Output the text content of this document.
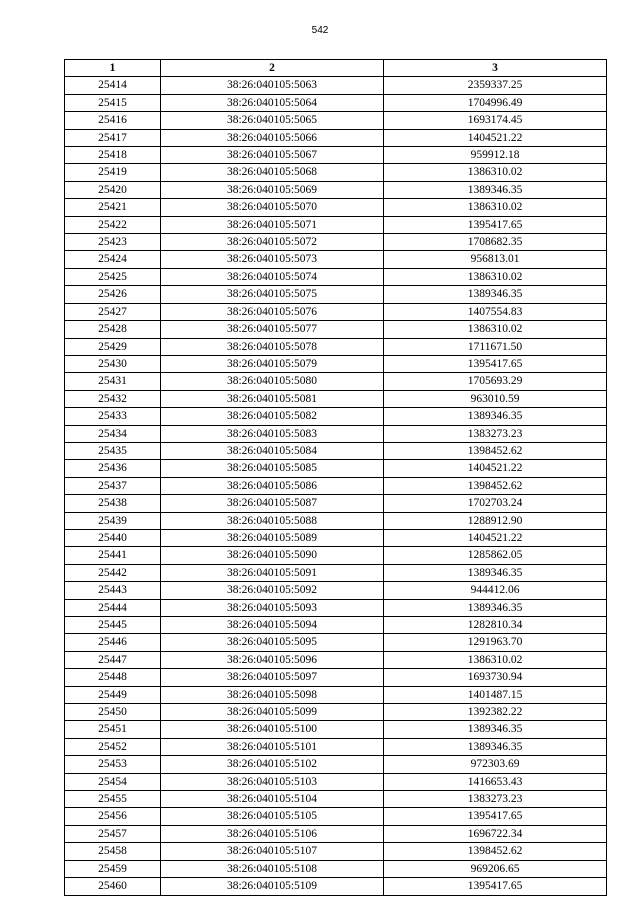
542
1	2	3
25414	38:26:040105:5063	2359337.25
25415	38:26:040105:5064	1704996.49
25416	38:26:040105:5065	1693174.45
25417	38:26:040105:5066	1404521.22
25418	38:26:040105:5067	959912.18
25419	38:26:040105:5068	1386310.02
25420	38:26:040105:5069	1389346.35
25421	38:26:040105:5070	1386310.02
25422	38:26:040105:5071	1395417.65
25423	38:26:040105:5072	1708682.35
25424	38:26:040105:5073	956813.01
25425	38:26:040105:5074	1386310.02
25426	38:26:040105:5075	1389346.35
25427	38:26:040105:5076	1407554.83
25428	38:26:040105:5077	1386310.02
25429	38:26:040105:5078	1711671.50
25430	38:26:040105:5079	1395417.65
25431	38:26:040105:5080	1705693.29
25432	38:26:040105:5081	963010.59
25433	38:26:040105:5082	1389346.35
25434	38:26:040105:5083	1383273.23
25435	38:26:040105:5084	1398452.62
25436	38:26:040105:5085	1404521.22
25437	38:26:040105:5086	1398452.62
25438	38:26:040105:5087	1702703.24
25439	38:26:040105:5088	1288912.90
25440	38:26:040105:5089	1404521.22
25441	38:26:040105:5090	1285862.05
25442	38:26:040105:5091	1389346.35
25443	38:26:040105:5092	944412.06
25444	38:26:040105:5093	1389346.35
25445	38:26:040105:5094	1282810.34
25446	38:26:040105:5095	1291963.70
25447	38:26:040105:5096	1386310.02
25448	38:26:040105:5097	1693730.94
25449	38:26:040105:5098	1401487.15
25450	38:26:040105:5099	1392382.22
25451	38:26:040105:5100	1389346.35
25452	38:26:040105:5101	1389346.35
25453	38:26:040105:5102	972303.69
25454	38:26:040105:5103	1416653.43
25455	38:26:040105:5104	1383273.23
25456	38:26:040105:5105	1395417.65
25457	38:26:040105:5106	1696722.34
25458	38:26:040105:5107	1398452.62
25459	38:26:040105:5108	969206.65
25460	38:26:040105:5109	1395417.65
